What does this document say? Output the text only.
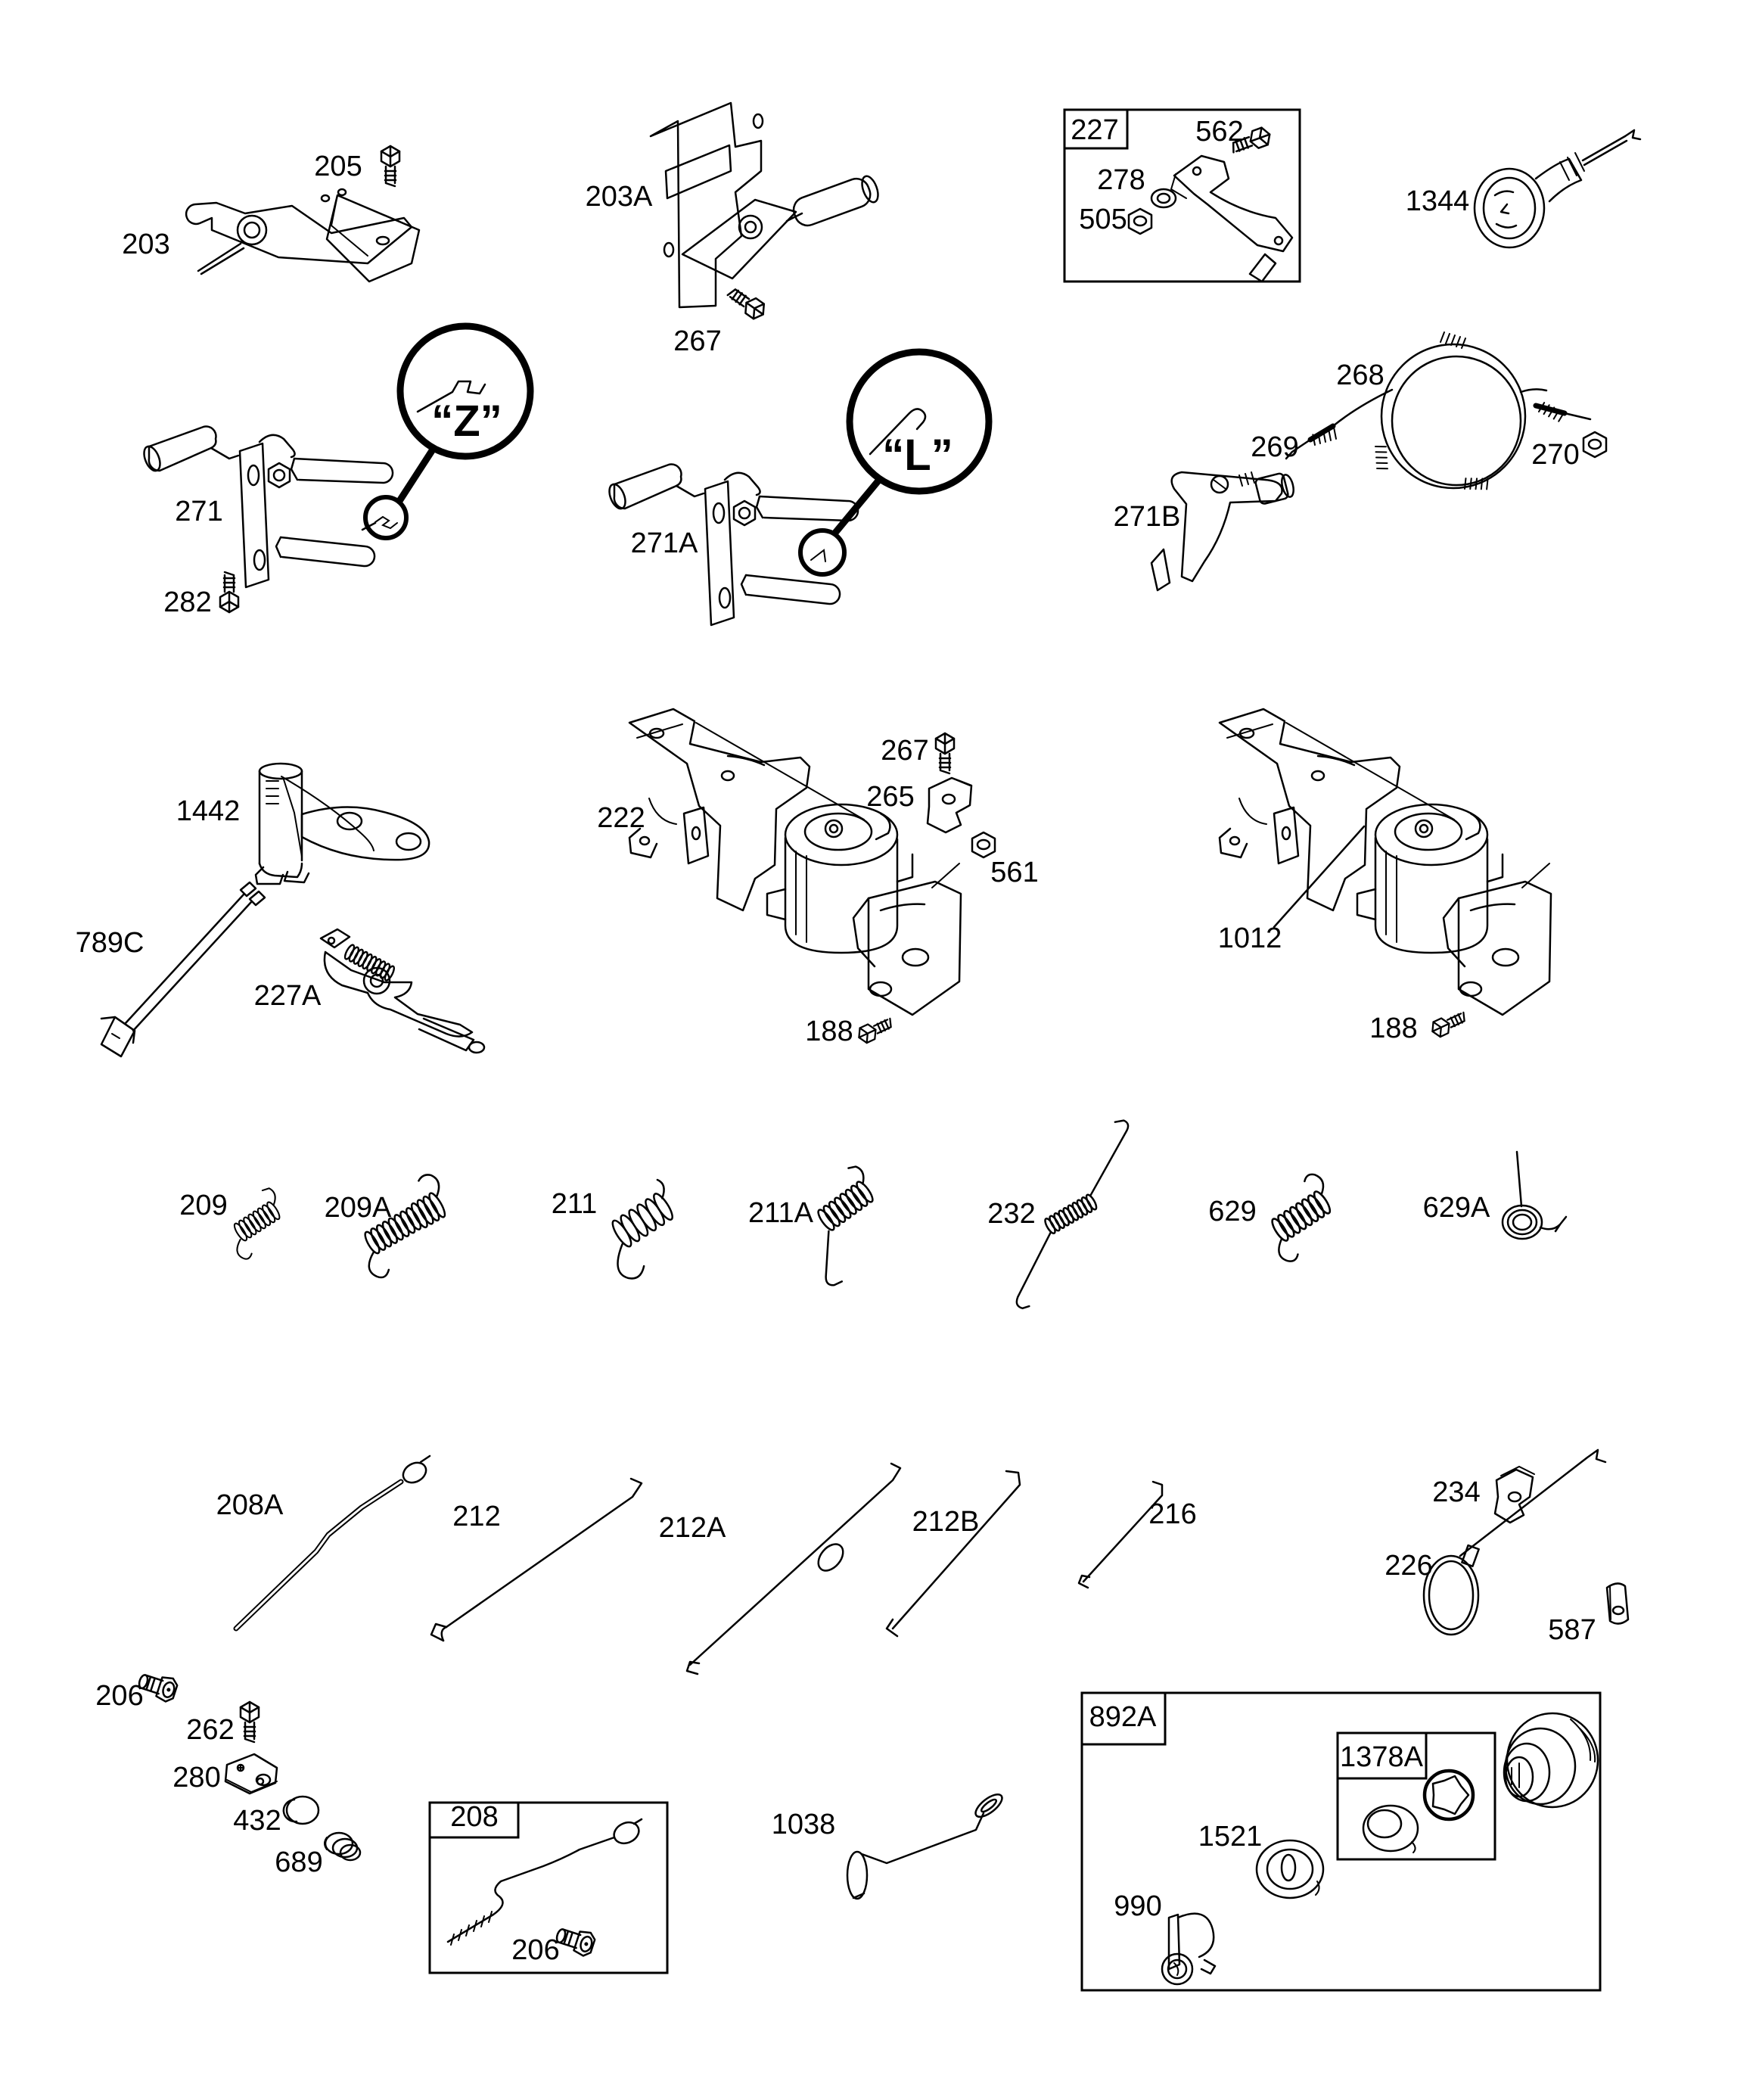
205
203
203A
227	562
278
505
1344
267
268
269	270
“Z”
“L”
271
271A
271B
282
1442	222
267
265
561
1012
789C
227A
188	188
209	209A	211	211A	232	629	629A
208A	212	212A	212B	216
234
226
587
206
262
280
432
689
208
206
1038
892A
1378A
1521
990
